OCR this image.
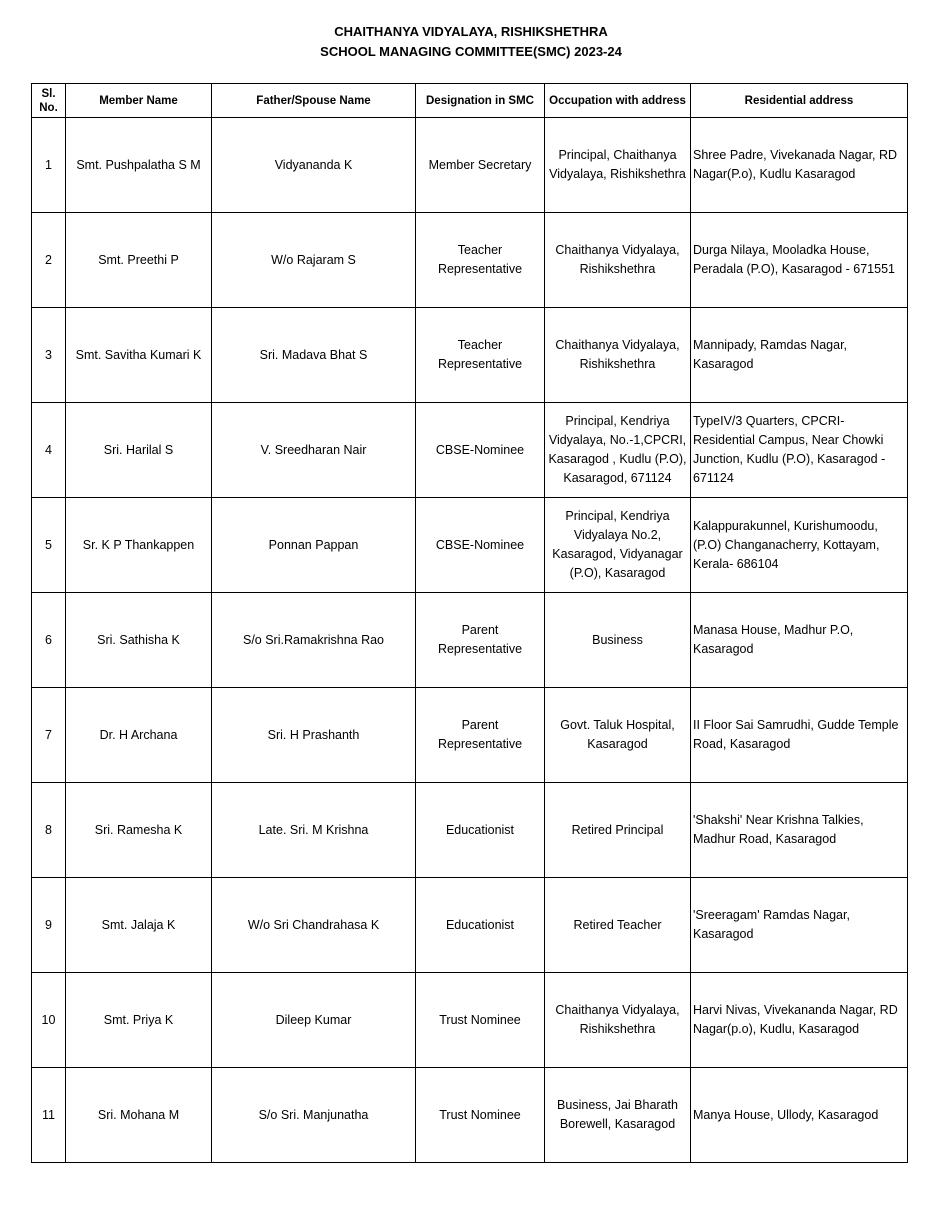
CHAITHANYA VIDYALAYA, RISHIKSHETHRA
SCHOOL MANAGING COMMITTEE(SMC) 2023-24
Sl. No.	Member Name	Father/Spouse Name	Designation in SMC	Occupation with address	Residential address
1	Smt. Pushpalatha S M	Vidyananda K	Member Secretary	Principal, Chaithanya Vidyalaya, Rishikshethra	Shree Padre, Vivekanada Nagar, RD Nagar(P.o), Kudlu Kasaragod
2	Smt. Preethi P	W/o Rajaram S	Teacher Representative	Chaithanya Vidyalaya, Rishikshethra	Durga Nilaya, Mooladka House, Peradala (P.O), Kasaragod - 671551
3	Smt. Savitha Kumari K	Sri. Madava Bhat S	Teacher Representative	Chaithanya Vidyalaya, Rishikshethra	Mannipady, Ramdas Nagar, Kasaragod
4	Sri. Harilal S	V. Sreedharan Nair	CBSE-Nominee	Principal, Kendriya Vidyalaya, No.-1,CPCRI, Kasaragod , Kudlu (P.O), Kasaragod, 671124	TypeIV/3 Quarters, CPCRI-Residential Campus, Near Chowki Junction, Kudlu (P.O), Kasaragod - 671124
5	Sr. K P Thankappen	Ponnan Pappan	CBSE-Nominee	Principal, Kendriya Vidyalaya No.2, Kasaragod, Vidyanagar (P.O), Kasaragod	Kalappurakunnel, Kurishumoodu, (P.O) Changanacherry, Kottayam, Kerala- 686104
6	Sri. Sathisha K	S/o Sri.Ramakrishna Rao	Parent Representative	Business	Manasa House, Madhur P.O, Kasaragod
7	Dr. H Archana	Sri. H Prashanth	Parent Representative	Govt. Taluk Hospital, Kasaragod	II Floor Sai Samrudhi, Gudde Temple Road, Kasaragod
8	Sri. Ramesha K	Late. Sri. M Krishna	Educationist	Retired Principal	'Shakshi' Near Krishna Talkies, Madhur Road, Kasaragod
9	Smt. Jalaja K	W/o Sri Chandrahasa K	Educationist	Retired Teacher	'Sreeragam' Ramdas Nagar, Kasaragod
10	Smt. Priya K	Dileep Kumar	Trust Nominee	Chaithanya Vidyalaya, Rishikshethra	Harvi Nivas, Vivekananda Nagar, RD Nagar(p.o), Kudlu, Kasaragod
11	Sri. Mohana M	S/o Sri. Manjunatha	Trust Nominee	Business, Jai Bharath Borewell, Kasaragod	Manya House, Ullody, Kasaragod
